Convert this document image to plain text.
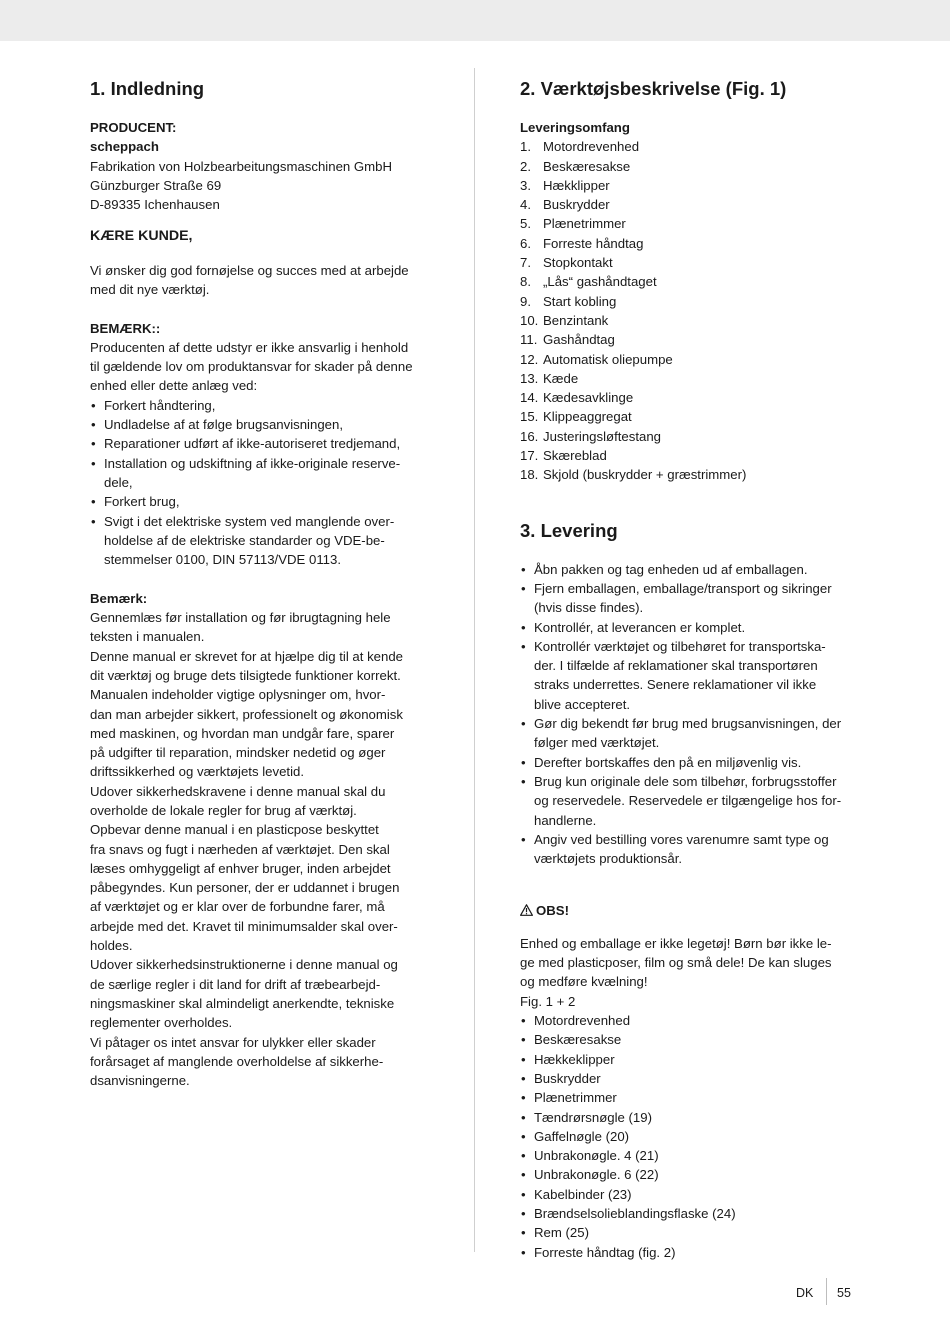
1. Indledning

PRODUCENT:

scheppach

Fabrikation von Holzbearbeitungsmaschinen GmbH

Günzburger Straße 69

D-89335 Ichenhausen

KÆRE KUNDE,

Vi ønsker dig god fornøjelse og succes med at arbejde

med dit nye værktøj.

BEMÆRK::

Producenten af dette udstyr er ikke ansvarlig i henhold

til gældende lov om produktansvar for skader på denne

enhed eller dette anlæg ved:

• Forkert håndtering,
• Undladelse af at følge brugsanvisningen,
• Reparationer udført af ikke-autoriseret tredjemand,
• Installation og udskiftning af ikke-originale reserve-
dele,
• Forkert brug,
• Svigt i det elektriske system ved manglende over-
holdelse af de elektriske standarder og VDE-be-
stemmelser 0100, DIN 57113/VDE 0113.

Bemærk:

Gennemlæs før installation og før ibrugtagning hele

teksten i manualen.

Denne manual er skrevet for at hjælpe dig til at kende

dit værktøj og bruge dets tilsigtede funktioner korrekt.

Manualen indeholder vigtige oplysninger om, hvor-

dan man arbejder sikkert, professionelt og økonomisk

med maskinen, og hvordan man undgår fare, sparer

på udgifter til reparation, mindsker nedetid og øger

driftssikkerhed og værktøjets levetid.

Udover sikkerhedskravene i denne manual skal du

overholde de lokale regler for brug af værktøj.

Opbevar denne manual i en plasticpose beskyttet

fra snavs og fugt i nærheden af værktøjet. Den skal

læses omhyggeligt af enhver bruger, inden arbejdet

påbegyndes. Kun personer, der er uddannet i brugen

af værktøjet og er klar over de forbundne farer, må

arbejde med det. Kravet til minimumsalder skal over-

holdes.

Udover sikkerhedsinstruktionerne i denne manual og

de særlige regler i dit land for drift af træbearbejd-

ningsmaskiner skal almindeligt anerkendte, tekniske

reglementer overholdes.

Vi påtager os intet ansvar for ulykker eller skader

forårsaget af manglende overholdelse af sikkerhe-

dsanvisningerne.

2. Værktøjsbeskrivelse (Fig. 1)

Leveringsomfang

1. Motordrevenhed
2. Beskæresakse
3. Hækklipper
4. Buskrydder
5. Plænetrimmer
6. Forreste håndtag
7. Stopkontakt
8. „Lås“ gashåndtaget
9. Start kobling
10. Benzintank
11. Gashåndtag
12. Automatisk oliepumpe
13. Kæde
14. Kædesavklinge
15. Klippeaggregat
16. Justeringsløftestang
17. Skæreblad
18. Skjold (buskrydder + græstrimmer)
3. Levering
• Åbn pakken og tag enheden ud af emballagen.
• Fjern emballagen, emballage/transport og sikringer
(hvis disse findes).
• Kontrollér, at leverancen er komplet.
• Kontrollér værktøjet og tilbehøret for transportska-
der. I tilfælde af reklamationer skal transportøren
straks underrettes. Senere reklamationer vil ikke
blive accepteret.
• Gør dig bekendt før brug med brugsanvisningen, der
følger med værktøjet.
• Derefter bortskaffes den på en miljøvenlig vis.
• Brug kun originale dele som tilbehør, forbrugsstoffer
og reservedele. Reservedele er tilgængelige hos for-
handlerne.
• Angiv ved bestilling vores varenumre samt type og
værktøjets produktionsår.

OBS!

Enhed og emballage er ikke legetøj! Børn bør ikke le-

ge med plasticposer, film og små dele! De kan sluges

og medføre kvælning!

Fig. 1 + 2

• Motordrevenhed
• Beskæresakse
• Hækkeklipper
• Buskrydder
• Plænetrimmer
• Tændrørsnøgle (19)
• Gaffelnøgle (20)
• Unbrakonøgle. 4 (21)
• Unbrakonøgle. 6 (22)
• Kabelbinder (23)
• Brændselsolieblandingsflaske (24)
• Rem (25)
• Forreste håndtag (fig. 2)
DK 55
